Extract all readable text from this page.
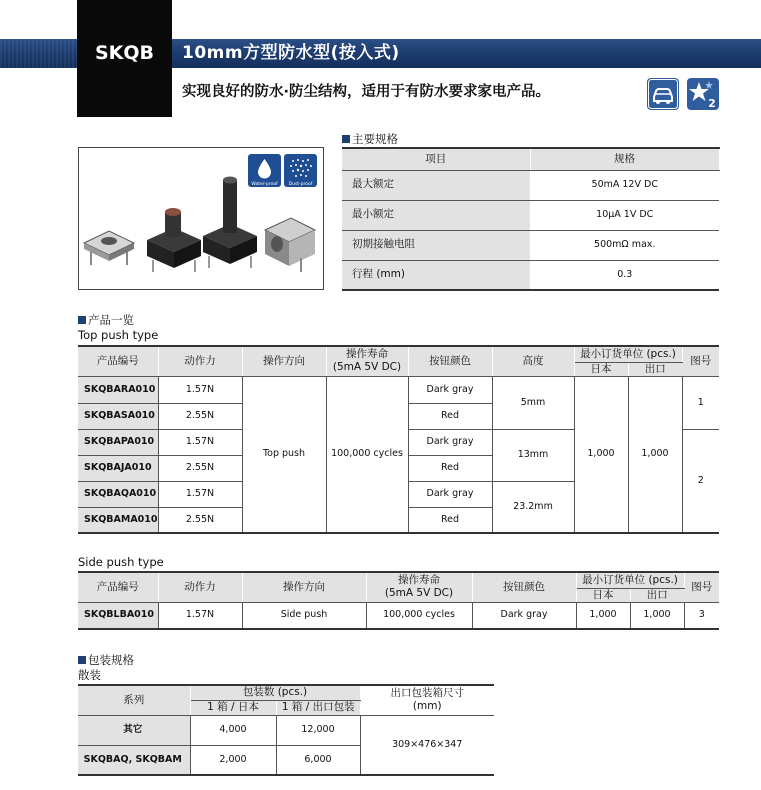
SKQB	10mm方型防水型(按入式)
实现良好的防水·防尘结构，适用于有防水要求家电产品。
2
Water-proof Dust-proof
主要规格
项目	规格
最大额定	50mA 12V DC
最小额定	10μA 1V DC
初期接触电阻	500mΩ max.
行程 (mm)	0.3
产品一览
Top push type
产品编号	动作力	操作方向	操作寿命
(5mA 5V DC)	按钮颜色	高度	最小订货单位 (pcs.)		图号
						日本	出口	
SKQBARA010	1.57N	Top push	100,000 cycles	Dark gray	5mm	1,000	1,000	1
SKQBASA010	2.55N			Red				
SKQBAPA010	1.57N			Dark gray	13mm			2
SKQBAJA010	2.55N			Red				
SKQBAQA010	1.57N			Dark gray	23.2mm			
SKQBAMA010	2.55N			Red				
Side push type
产品编号	动作力	操作方向	操作寿命
(5mA 5V DC)	按钮颜色	最小订货单位 (pcs.)		图号
					日本	出口	
SKQBLBA010	1.57N	Side push	100,000 cycles	Dark gray	1,000	1,000	3
包装规格
散装
系列	包装数 (pcs.)		出口包装箱尺寸
(mm)
	1 箱 / 日本	1 箱 / 出口包装	
其它	4,000	12,000	309×476×347
SKQBAQ, SKQBAM	2,000	6,000	
